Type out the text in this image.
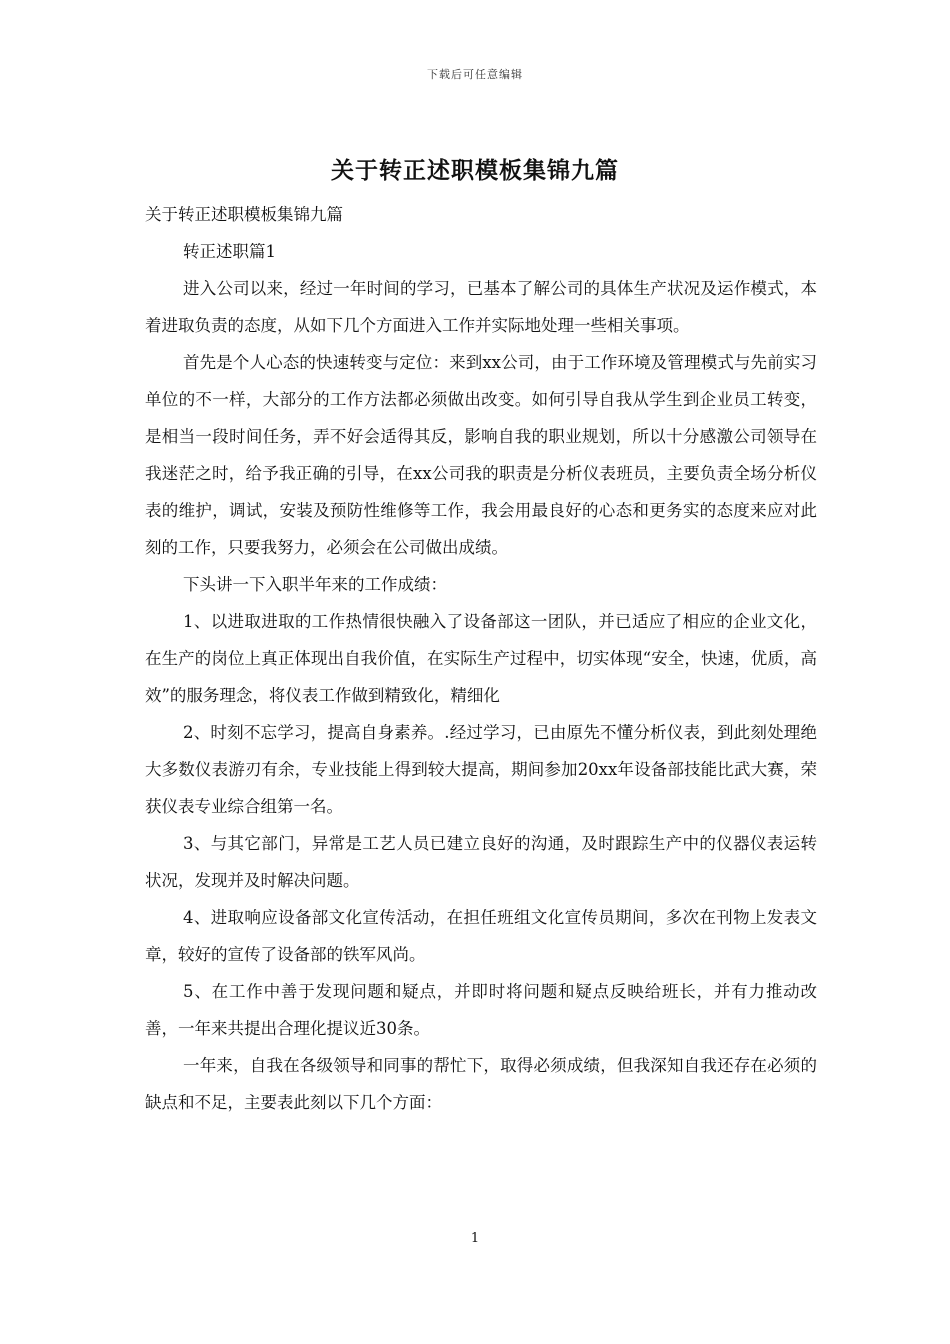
下载后可任意编辑
关于转正述职模板集锦九篇

关于转正述职模板集锦九篇

转正述职篇1

进入公司以来，经过一年时间的学习，已基本了解公司的具体生产状况及运作模式，本着进取负责的态度，从如下几个方面进入工作并实际地处理一些相关事项。

首先是个人心态的快速转变与定位：来到xx公司，由于工作环境及管理模式与先前实习单位的不一样，大部分的工作方法都必须做出改变。如何引导自我从学生到企业员工转变，是相当一段时间任务，弄不好会适得其反，影响自我的职业规划，所以十分感激公司领导在我迷茫之时，给予我正确的引导，在xx公司我的职责是分析仪表班员，主要负责全场分析仪表的维护，调试，安装及预防性维修等工作，我会用最良好的心态和更务实的态度来应对此刻的工作，只要我努力，必须会在公司做出成绩。

下头讲一下入职半年来的工作成绩：

1、以进取进取的工作热情很快融入了设备部这一团队，并已适应了相应的企业文化，在生产的岗位上真正体现出自我价值，在实际生产过程中，切实体现“安全，快速，优质，高效”的服务理念，将仪表工作做到精致化，精细化

2、时刻不忘学习，提高自身素养。.经过学习，已由原先不懂分析仪表，到此刻处理绝大多数仪表游刃有余，专业技能上得到较大提高，期间参加20xx年设备部技能比武大赛，荣获仪表专业综合组第一名。

3、与其它部门，异常是工艺人员已建立良好的沟通，及时跟踪生产中的仪器仪表运转状况，发现并及时解决问题。

4、进取响应设备部文化宣传活动，在担任班组文化宣传员期间，多次在刊物上发表文章，较好的宣传了设备部的铁军风尚。

5、在工作中善于发现问题和疑点，并即时将问题和疑点反映给班长，并有力推动改善，一年来共提出合理化提议近30条。

一年来，自我在各级领导和同事的帮忙下，取得必须成绩，但我深知自我还存在必须的缺点和不足，主要表此刻以下几个方面：

1
